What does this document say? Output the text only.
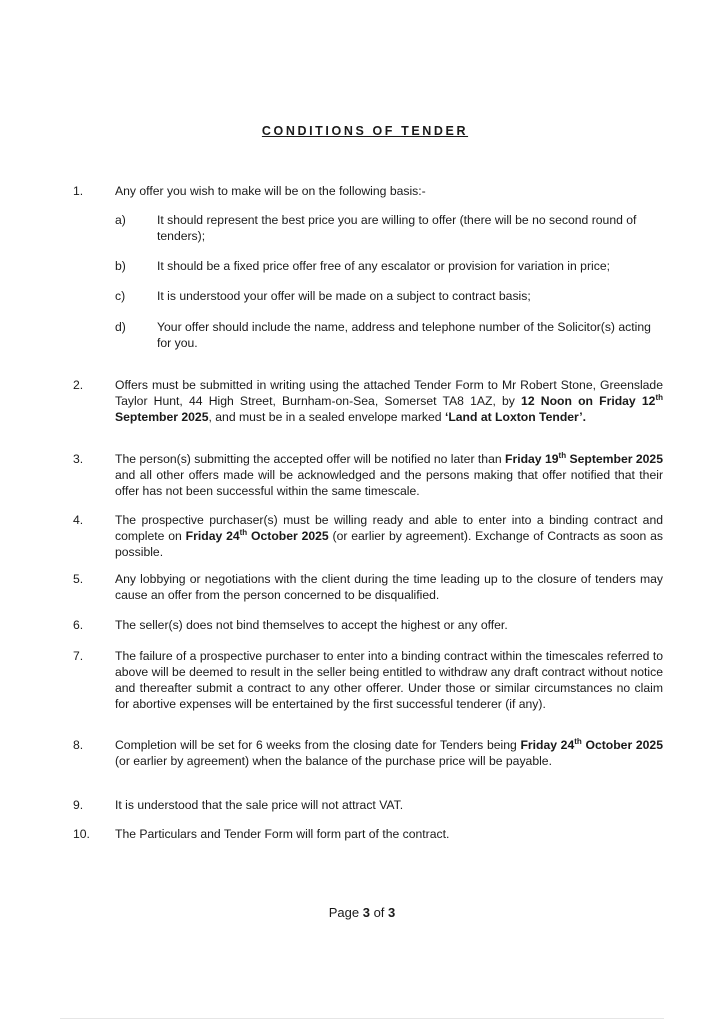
CONDITIONS OF TENDER
1.	Any offer you wish to make will be on the following basis:-
a)	It should represent the best price you are willing to offer (there will be no second round of tenders);
b)	It should be a fixed price offer free of any escalator or provision for variation in price;
c)	It is understood your offer will be made on a subject to contract basis;
d)	Your offer should include the name, address and telephone number of the Solicitor(s) acting for you.
2.	Offers must be submitted in writing using the attached Tender Form to Mr Robert Stone, Greenslade Taylor Hunt, 44 High Street, Burnham-on-Sea, Somerset TA8 1AZ, by 12 Noon on Friday 12th September 2025, and must be in a sealed envelope marked ‘Land at Loxton Tender’.
3.	The person(s) submitting the accepted offer will be notified no later than Friday 19th September 2025 and all other offers made will be acknowledged and the persons making that offer notified that their offer has not been successful within the same timescale.
4.	The prospective purchaser(s) must be willing ready and able to enter into a binding contract and complete on Friday 24th October 2025 (or earlier by agreement). Exchange of Contracts as soon as possible.
5.	Any lobbying or negotiations with the client during the time leading up to the closure of tenders may cause an offer from the person concerned to be disqualified.
6.	The seller(s) does not bind themselves to accept the highest or any offer.
7.	The failure of a prospective purchaser to enter into a binding contract within the timescales referred to above will be deemed to result in the seller being entitled to withdraw any draft contract without notice and thereafter submit a contract to any other offerer. Under those or similar circumstances no claim for abortive expenses will be entertained by the first successful tenderer (if any).
8.	Completion will be set for 6 weeks from the closing date for Tenders being Friday 24th October 2025 (or earlier by agreement) when the balance of the purchase price will be payable.
9.	It is understood that the sale price will not attract VAT.
10. The Particulars and Tender Form will form part of the contract.
Page 3 of 3
